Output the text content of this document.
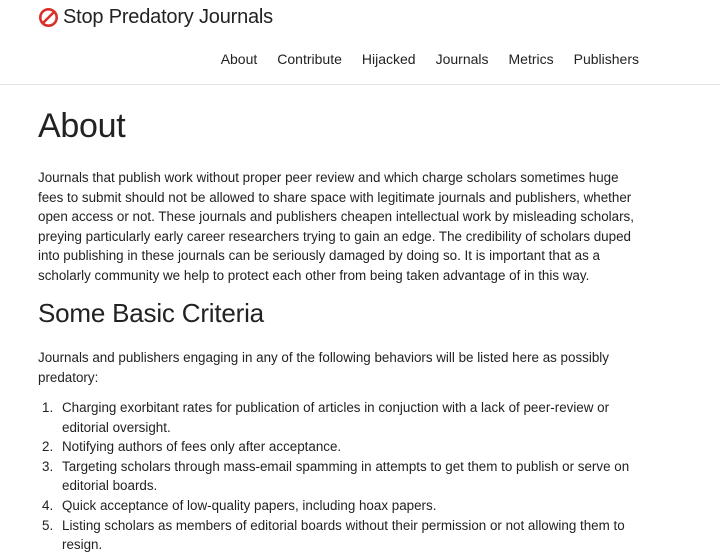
Stop Predatory Journals
About Contribute Hijacked Journals Metrics Publishers
About

Journals that publish work without proper peer review and which charge scholars sometimes huge fees to submit should not be allowed to share space with legitimate journals and publishers, whether open access or not. These journals and publishers cheapen intellectual work by misleading scholars, preying particularly early career researchers trying to gain an edge. The credibility of scholars duped into publishing in these journals can be seriously damaged by doing so. It is important that as a scholarly community we help to protect each other from being taken advantage of in this way.

Some Basic Criteria

Journals and publishers engaging in any of the following behaviors will be listed here as possibly predatory:

1. Charging exorbitant rates for publication of articles in conjuction with a lack of peer-review or editorial oversight.
2. Notifying authors of fees only after acceptance.
3. Targeting scholars through mass-email spamming in attempts to get them to publish or serve on editorial boards.
4. Quick acceptance of low-quality papers, including hoax papers.
5. Listing scholars as members of editorial boards without their permission or not allowing them to resign.
